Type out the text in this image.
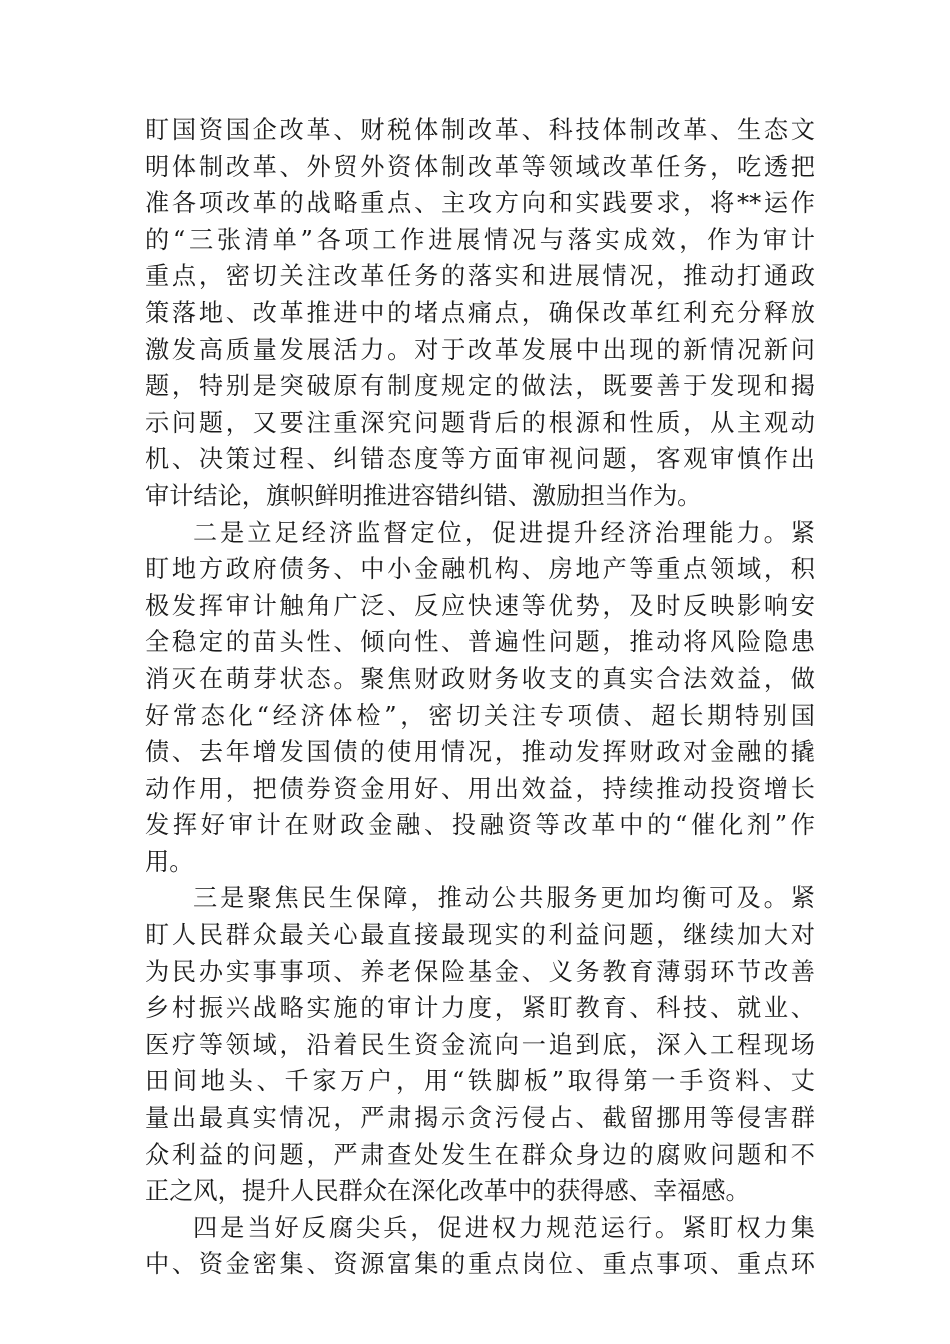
盯国资国企改革、财税体制改革、科技体制改革、生态文
明体制改革、外贸外资体制改革等领域改革任务，吃透把
准各项改革的战略重点、主攻方向和实践要求，将**运作
的“三张清单”各项工作进展情况与落实成效，作为审计
重点，密切关注改革任务的落实和进展情况，推动打通政
策落地、改革推进中的堵点痛点，确保改革红利充分释放
激发高质量发展活力。对于改革发展中出现的新情况新问
题，特别是突破原有制度规定的做法，既要善于发现和揭
示问题，又要注重深究问题背后的根源和性质，从主观动
机、决策过程、纠错态度等方面审视问题，客观审慎作出
审计结论，旗帜鲜明推进容错纠错、激励担当作为。
二是立足经济监督定位，促进提升经济治理能力。紧
盯地方政府债务、中小金融机构、房地产等重点领域，积
极发挥审计触角广泛、反应快速等优势，及时反映影响安
全稳定的苗头性、倾向性、普遍性问题，推动将风险隐患
消灭在萌芽状态。聚焦财政财务收支的真实合法效益，做
好常态化“经济体检”，密切关注专项债、超长期特别国
债、去年增发国债的使用情况，推动发挥财政对金融的撬
动作用，把债券资金用好、用出效益，持续推动投资增长
发挥好审计在财政金融、投融资等改革中的“催化剂”作
用。
三是聚焦民生保障，推动公共服务更加均衡可及。紧
盯人民群众最关心最直接最现实的利益问题，继续加大对
为民办实事事项、养老保险基金、义务教育薄弱环节改善
乡村振兴战略实施的审计力度，紧盯教育、科技、就业、
医疗等领域，沿着民生资金流向一追到底，深入工程现场
田间地头、千家万户，用“铁脚板”取得第一手资料、丈
量出最真实情况，严肃揭示贪污侵占、截留挪用等侵害群
众利益的问题，严肃查处发生在群众身边的腐败问题和不
正之风，提升人民群众在深化改革中的获得感、幸福感。
四是当好反腐尖兵，促进权力规范运行。紧盯权力集
中、资金密集、资源富集的重点岗位、重点事项、重点环
